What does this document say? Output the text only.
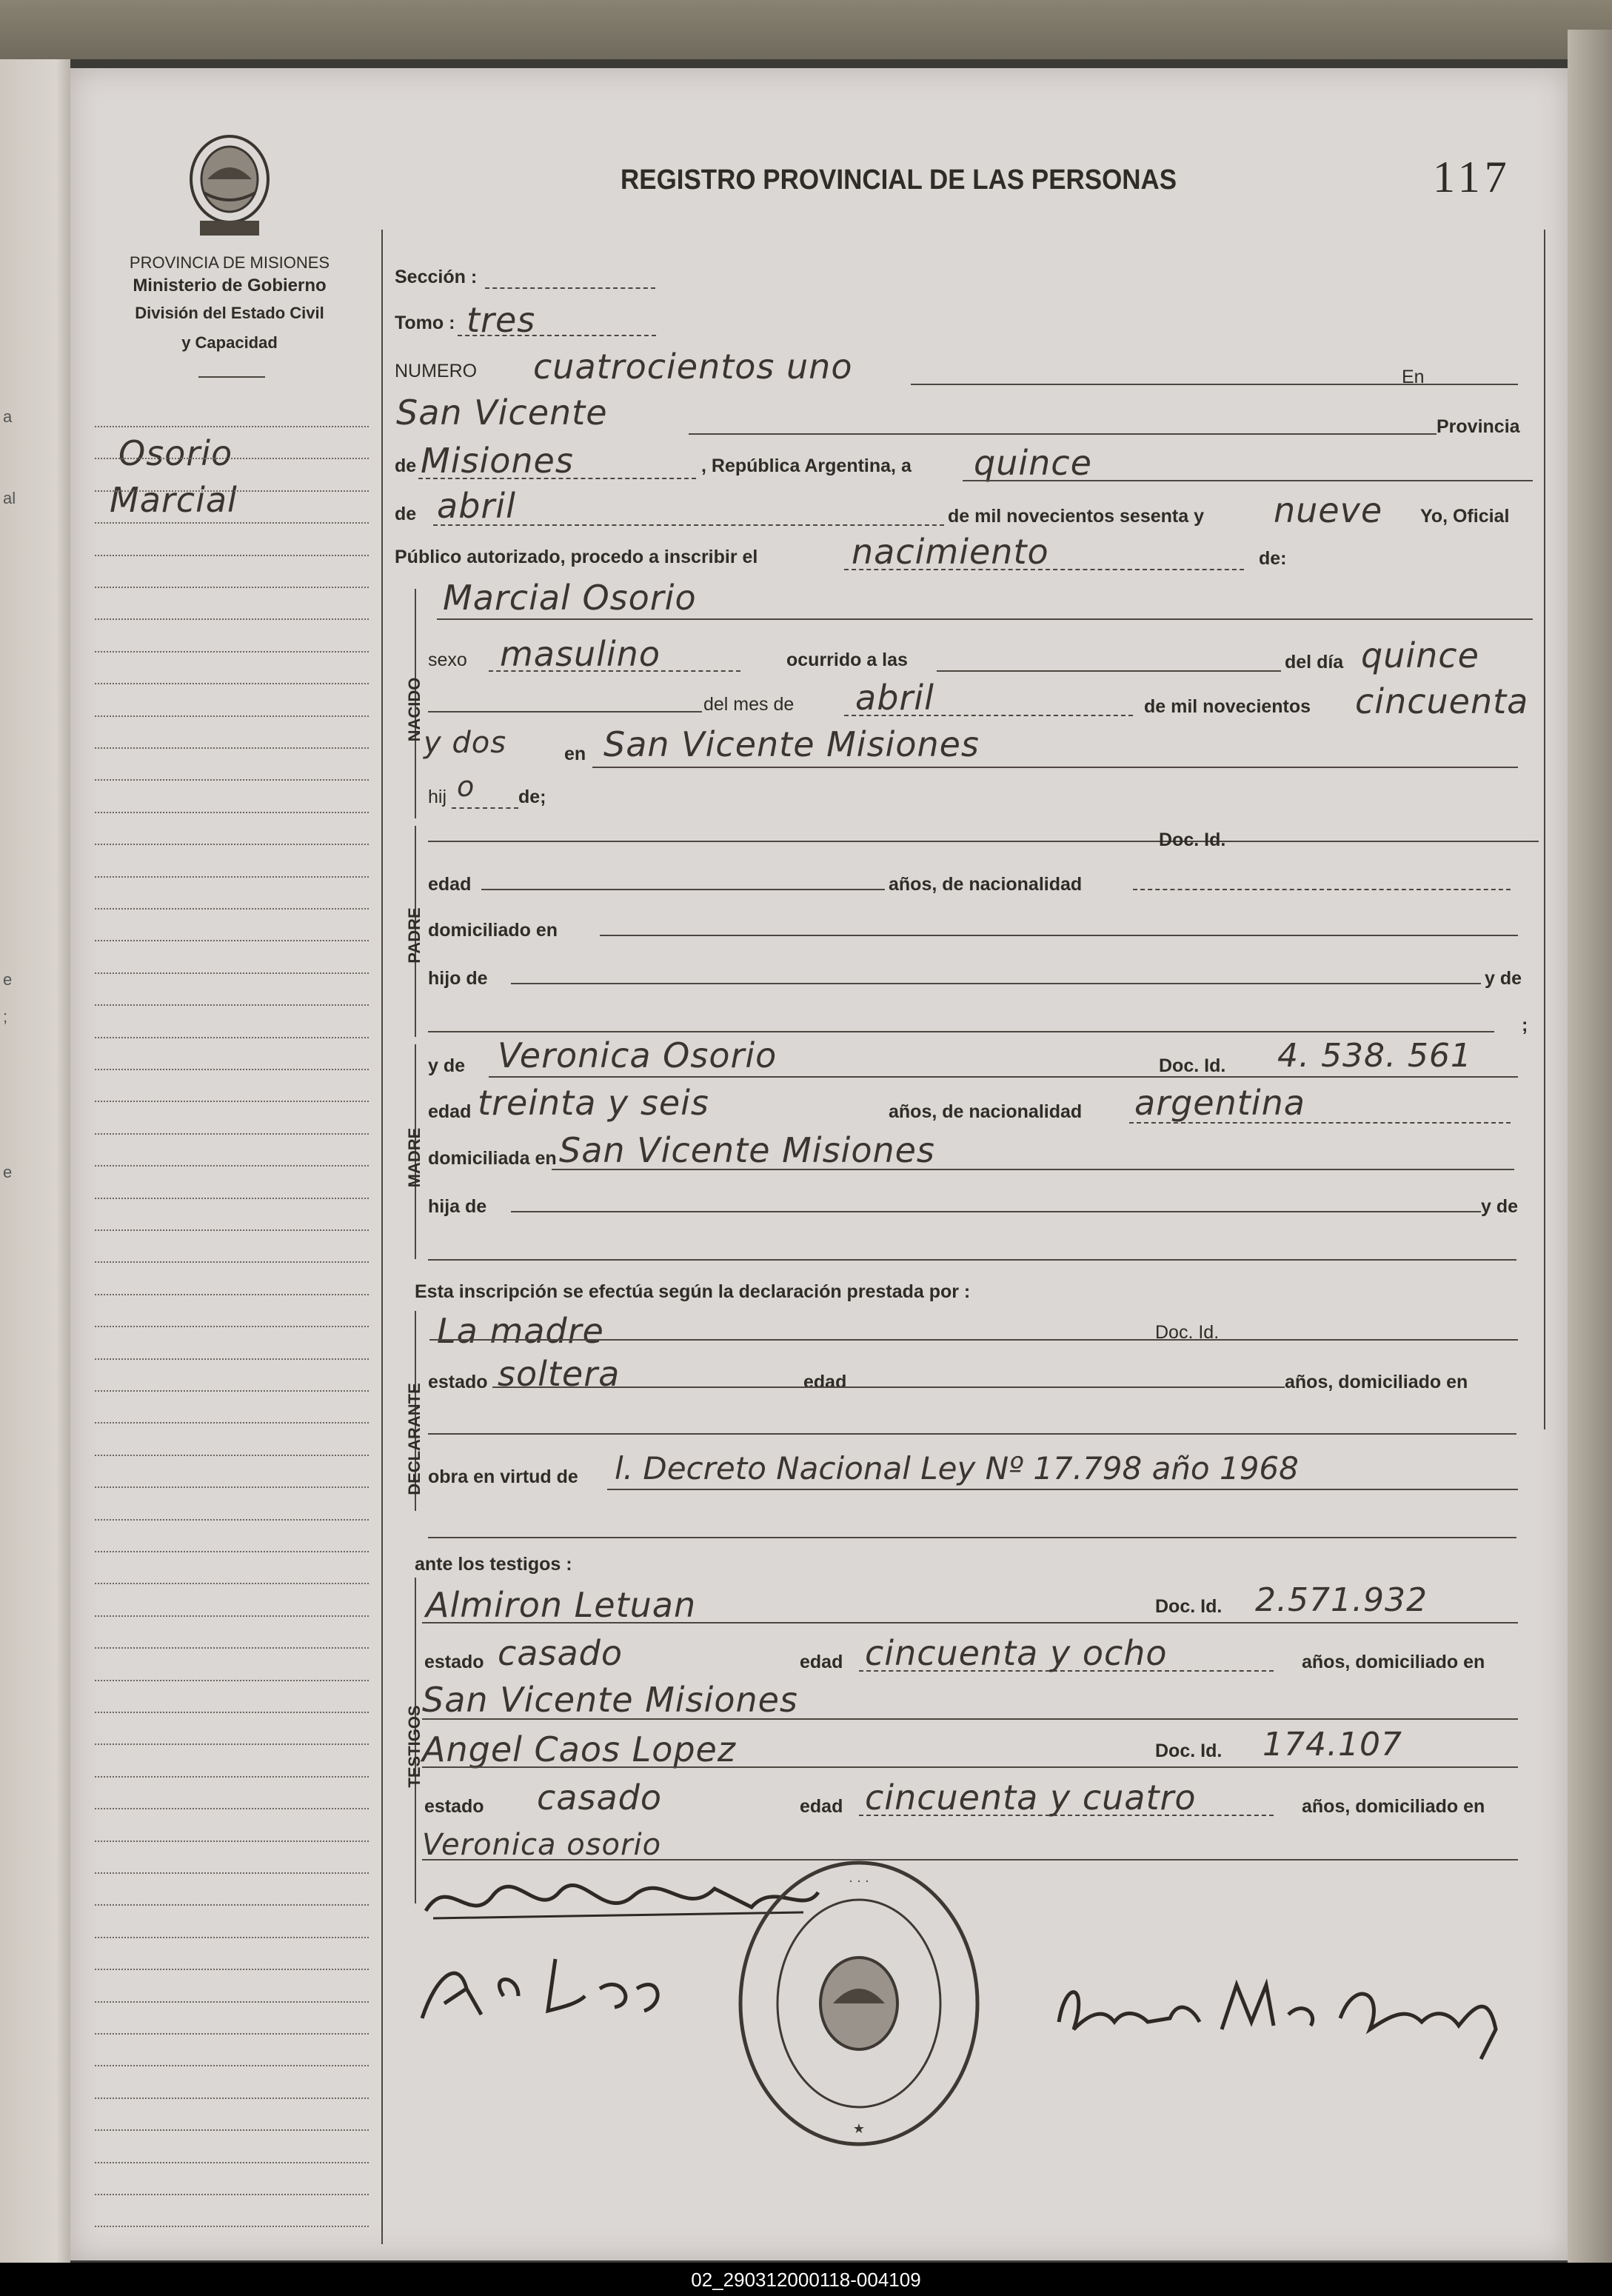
a
al
e
;
e
PROVINCIA DE MISIONES
Ministerio de Gobierno
División del Estado Civil
y Capacidad
Osorio
Marcial
REGISTRO PROVINCIAL DE LAS PERSONAS	117
Sección :
Tomo : tres
NUMERO cuatrocientos uno	En
San Vicente	Provincia
de Misiones	, República Argentina, a quince
de abril	de mil novecientos sesenta y nueve Yo, Oficial
Público autorizado, procedo a inscribir el	nacimiento	de:
NACIDO
Marcial Osorio
sexo masulino	ocurrido a las	del día quince
del mes de abril	de mil novecientos cincuenta
y dos	en San Vicente Misiones
hij o de;
PADRE
Doc. Id.
edad	años, de nacionalidad
domiciliado en
hijo de	y de
;
MADRE
y de Veronica Osorio	Doc. Id. 4. 538. 561
edad treinta y seis	años, de nacionalidad argentina
domiciliada en San Vicente Misiones
hija de	y de
Esta inscripción se efectúa según la declaración prestada por :
DECLARANTE
La madre	Doc. Id.
estado soltera	edad	años, domiciliado en
obra en virtud de l. Decreto Nacional Ley Nº 17.798 año 1968
ante los testigos :
TESTIGOS
Almiron Letuan	Doc. Id. 2.571.932
estado casado	edad cincuenta y ocho	años, domiciliado en
San Vicente Misiones
Angel Caos Lopez	Doc. Id. 174.107
estado casado	edad cincuenta y cuatro	años, domiciliado en
Veronica osorio
· · ·
★
02_290312000118-004109
